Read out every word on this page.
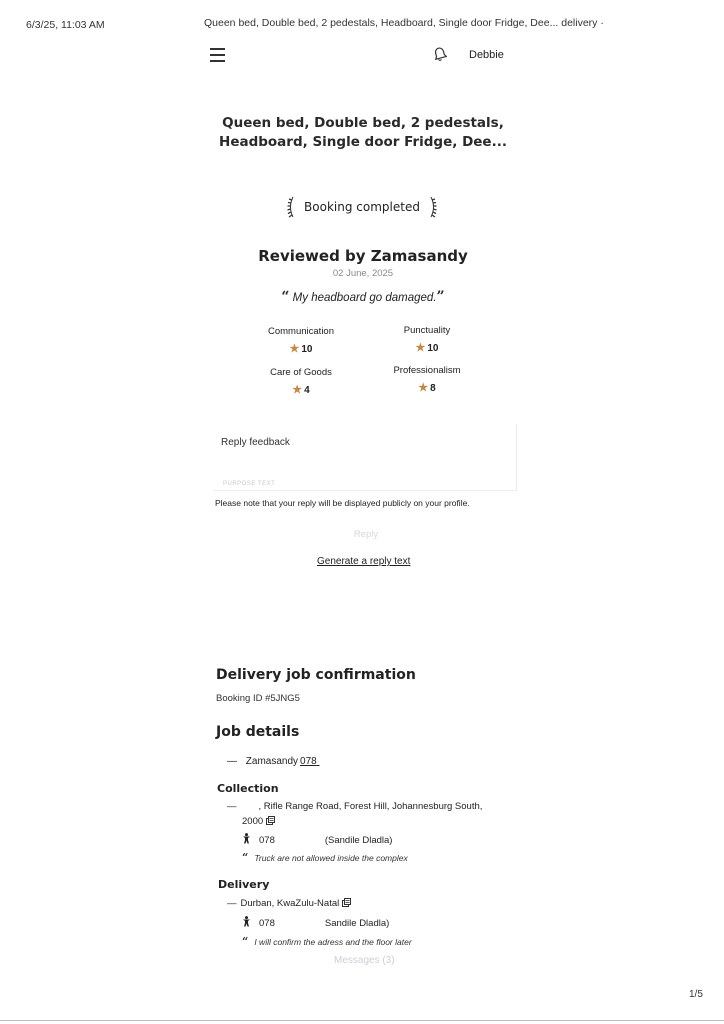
6/3/25, 11:03 AM	Queen bed, Double bed, 2 pedestals, Headboard, Single door Fridge, Dee... delivery ·
Debbie
Queen bed, Double bed, 2 pedestals,
Headboard, Single door Fridge, Dee...
Booking completed
Reviewed by Zamasandy
02 June, 2025
“ My headboard go damaged.”
Communication
★ 10
Punctuality
★ 10
Care of Goods
★ 4
Professionalism
★ 8
Reply feedback
PURPOSE TEXT
Please note that your reply will be displayed publicly on your profile.
Reply
Generate a reply text
Delivery job confirmation
Booking ID #5JNG5
Job details
— Zamasandy 078
Collection
— , Rifle Range Road, Forest Hill, Johannesburg South,
2000
078	(Sandile Dladla)
“ Truck are not allowed inside the complex
Delivery
— Durban, KwaZulu-Natal
078	Sandile Dladla)
“ I will confirm the adress and the floor later
Messages (3)
1/5
